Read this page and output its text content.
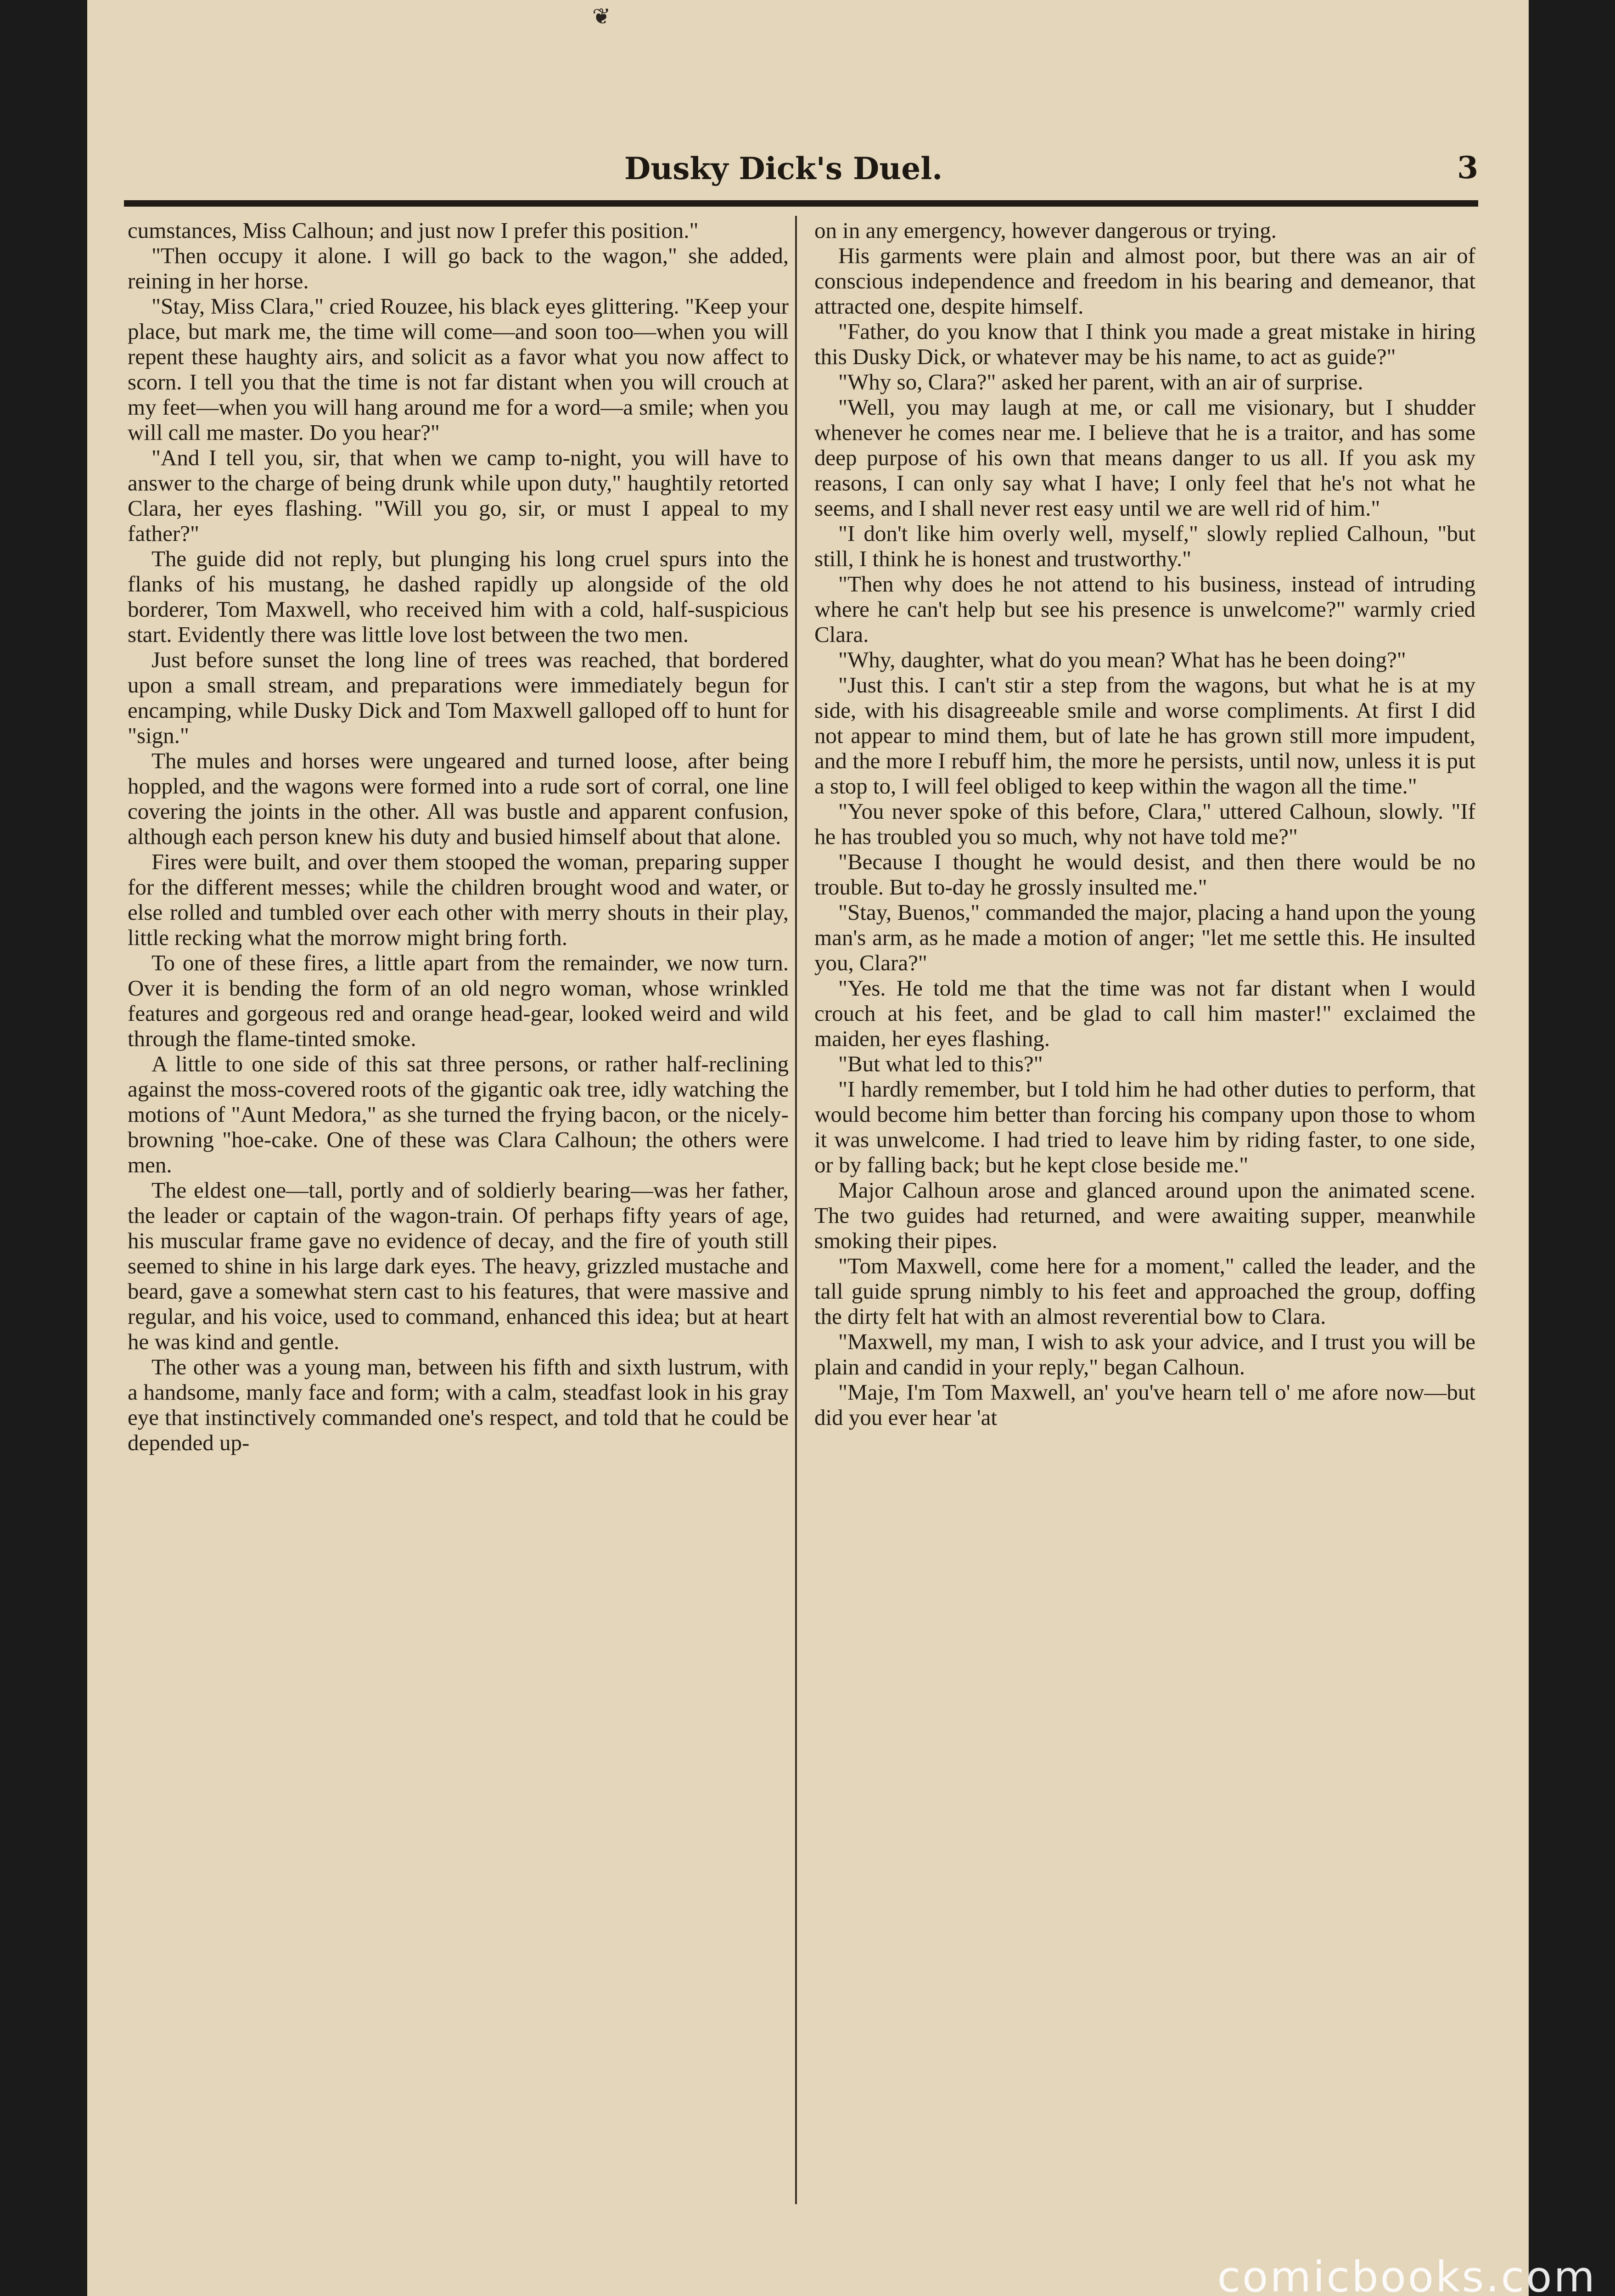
❦
Dusky Dick's Duel.	3

cumstances, Miss Calhoun; and just now I prefer this position."

"Then occupy it alone. I will go back to the wagon," she added, reining in her horse.

"Stay, Miss Clara," cried Rouzee, his black eyes glittering. "Keep your place, but mark me, the time will come—and soon too—when you will repent these haughty airs, and solicit as a favor what you now affect to scorn. I tell you that the time is not far distant when you will crouch at my feet—when you will hang around me for a word—a smile; when you will call me master. Do you hear?"

"And I tell you, sir, that when we camp to-night, you will have to answer to the charge of being drunk while upon duty," haughtily retorted Clara, her eyes flashing. "Will you go, sir, or must I appeal to my father?"

The guide did not reply, but plunging his long cruel spurs into the flanks of his mustang, he dashed rapidly up alongside of the old borderer, Tom Maxwell, who received him with a cold, half-suspicious start. Evidently there was little love lost between the two men.

Just before sunset the long line of trees was reached, that bordered upon a small stream, and preparations were immediately begun for encamping, while Dusky Dick and Tom Maxwell galloped off to hunt for "sign."

The mules and horses were ungeared and turned loose, after being hoppled, and the wagons were formed into a rude sort of corral, one line covering the joints in the other. All was bustle and apparent confusion, although each person knew his duty and busied himself about that alone.

Fires were built, and over them stooped the woman, preparing supper for the different messes; while the children brought wood and water, or else rolled and tumbled over each other with merry shouts in their play, little recking what the morrow might bring forth.

To one of these fires, a little apart from the remainder, we now turn. Over it is bending the form of an old negro woman, whose wrinkled features and gorgeous red and orange head-gear, looked weird and wild through the flame-tinted smoke.

A little to one side of this sat three persons, or rather half-reclining against the moss-covered roots of the gigantic oak tree, idly watching the motions of "Aunt Medora," as she turned the frying bacon, or the nicely-browning "hoe-cake. One of these was Clara Calhoun; the others were men.

The eldest one—tall, portly and of soldierly bearing—was her father, the leader or captain of the wagon-train. Of perhaps fifty years of age, his muscular frame gave no evidence of decay, and the fire of youth still seemed to shine in his large dark eyes. The heavy, grizzled mustache and beard, gave a somewhat stern cast to his features, that were massive and regular, and his voice, used to command, enhanced this idea; but at heart he was kind and gentle.

The other was a young man, between his fifth and sixth lustrum, with a handsome, manly face and form; with a calm, steadfast look in his gray eye that instinctively commanded one's respect, and told that he could be depended up-

on in any emergency, however dangerous or trying.

His garments were plain and almost poor, but there was an air of conscious independence and freedom in his bearing and demeanor, that attracted one, despite himself.

"Father, do you know that I think you made a great mistake in hiring this Dusky Dick, or whatever may be his name, to act as guide?"

"Why so, Clara?" asked her parent, with an air of surprise.

"Well, you may laugh at me, or call me visionary, but I shudder whenever he comes near me. I believe that he is a traitor, and has some deep purpose of his own that means danger to us all. If you ask my reasons, I can only say what I have; I only feel that he's not what he seems, and I shall never rest easy until we are well rid of him."

"I don't like him overly well, myself," slowly replied Calhoun, "but still, I think he is honest and trustworthy."

"Then why does he not attend to his business, instead of intruding where he can't help but see his presence is unwelcome?" warmly cried Clara.

"Why, daughter, what do you mean? What has he been doing?"

"Just this. I can't stir a step from the wagons, but what he is at my side, with his disagreeable smile and worse compliments. At first I did not appear to mind them, but of late he has grown still more impudent, and the more I rebuff him, the more he persists, until now, unless it is put a stop to, I will feel obliged to keep within the wagon all the time."

"You never spoke of this before, Clara," uttered Calhoun, slowly. "If he has troubled you so much, why not have told me?"

"Because I thought he would desist, and then there would be no trouble. But to-day he grossly insulted me."

"Stay, Buenos," commanded the major, placing a hand upon the young man's arm, as he made a motion of anger; "let me settle this. He insulted you, Clara?"

"Yes. He told me that the time was not far distant when I would crouch at his feet, and be glad to call him master!" exclaimed the maiden, her eyes flashing.

"But what led to this?"

"I hardly remember, but I told him he had other duties to perform, that would become him better than forcing his company upon those to whom it was unwelcome. I had tried to leave him by riding faster, to one side, or by falling back; but he kept close beside me."

Major Calhoun arose and glanced around upon the animated scene. The two guides had returned, and were awaiting supper, meanwhile smoking their pipes.

"Tom Maxwell, come here for a moment," called the leader, and the tall guide sprung nimbly to his feet and approached the group, doffing the dirty felt hat with an almost reverential bow to Clara.

"Maxwell, my man, I wish to ask your advice, and I trust you will be plain and candid in your reply," began Calhoun.

"Maje, I'm Tom Maxwell, an' you've hearn tell o' me afore now—but did you ever hear 'at

comicbooks.com
